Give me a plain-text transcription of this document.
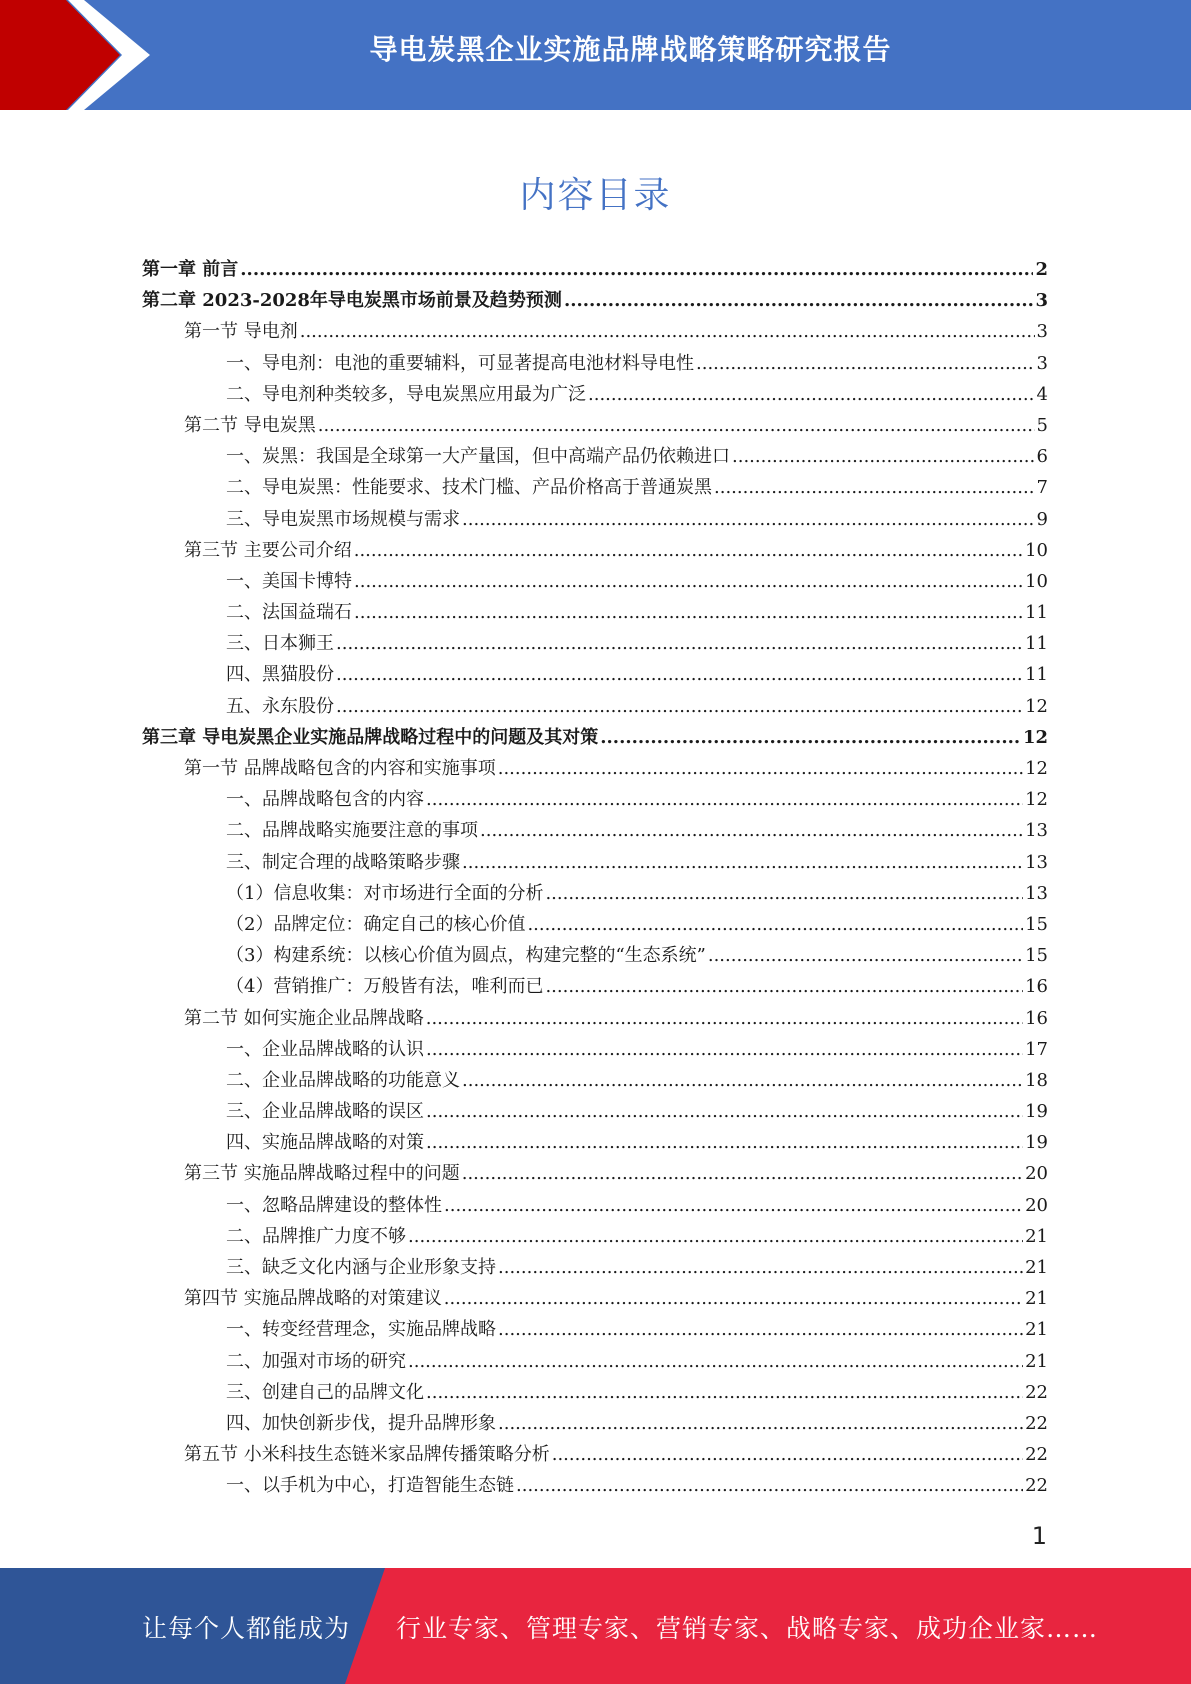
导电炭黑企业实施品牌战略策略研究报告
内容目录
第一章 前言 .....	2
第二章 2023-2028年导电炭黑市场前景及趋势预测 .....	3
第一节 导电剂 .....	3
一、导电剂：电池的重要辅料，可显著提高电池材料导电性 .....	3
二、导电剂种类较多，导电炭黑应用最为广泛 .....	4
第二节 导电炭黑 .....	5
一、炭黑：我国是全球第一大产量国，但中高端产品仍依赖进口 .....	6
二、导电炭黑：性能要求、技术门槛、产品价格高于普通炭黑 .....	7
三、导电炭黑市场规模与需求 .....	9
第三节 主要公司介绍 .....	10
一、美国卡博特 .....	10
二、法国益瑞石 .....	11
三、日本狮王 .....	11
四、黑猫股份 .....	11
五、永东股份 .....	12
第三章 导电炭黑企业实施品牌战略过程中的问题及其对策 .....	12
第一节 品牌战略包含的内容和实施事项 .....	12
一、品牌战略包含的内容 .....	12
二、品牌战略实施要注意的事项 .....	13
三、制定合理的战略策略步骤 .....	13
（1）信息收集：对市场进行全面的分析 .....	13
（2）品牌定位：确定自己的核心价值 .....	15
（3）构建系统：以核心价值为圆点，构建完整的“生态系统” .....	15
（4）营销推广：万般皆有法，唯利而已 .....	16
第二节 如何实施企业品牌战略 .....	16
一、企业品牌战略的认识 .....	17
二、企业品牌战略的功能意义 .....	18
三、企业品牌战略的误区 .....	19
四、实施品牌战略的对策 .....	19
第三节 实施品牌战略过程中的问题 .....	20
一、忽略品牌建设的整体性 .....	20
二、品牌推广力度不够 .....	21
三、缺乏文化内涵与企业形象支持 .....	21
第四节 实施品牌战略的对策建议 .....	21
一、转变经营理念，实施品牌战略 .....	21
二、加强对市场的研究 .....	21
三、创建自己的品牌文化 .....	22
四、加快创新步伐，提升品牌形象 .....	22
第五节 小米科技生态链米家品牌传播策略分析 .....	22
一、以手机为中心，打造智能生态链 .....	22
1
让每个人都能成为 行业专家、管理专家、营销专家、战略专家、成功企业家……
